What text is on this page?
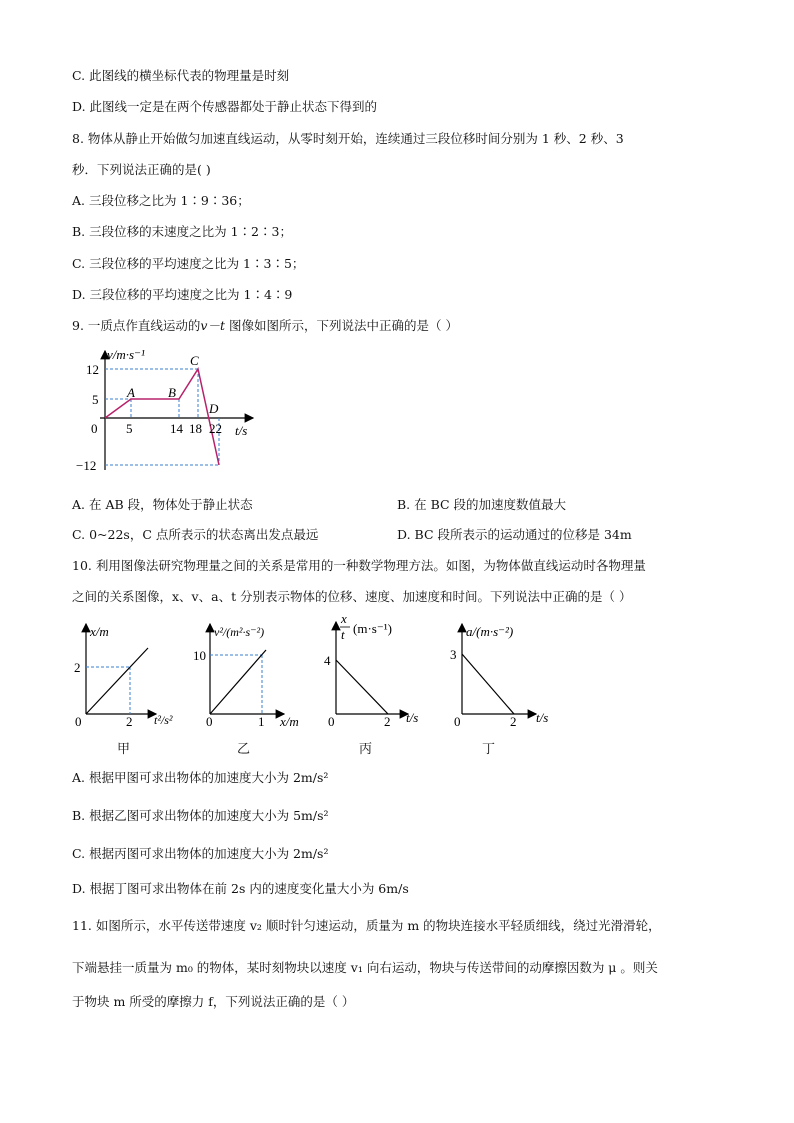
C. 此图线的横坐标代表的物理量是时刻
D. 此图线一定是在两个传感器都处于静止状态下得到的
8. 物体从静止开始做匀加速直线运动，从零时刻开始，连续通过三段位移时间分别为 1 秒、2 秒、3
秒．下列说法正确的是( )
A. 三段位移之比为 1∶9∶36；
B. 三段位移的末速度之比为 1∶2∶3；
C. 三段位移的平均速度之比为 1∶3∶5；
D. 三段位移的平均速度之比为 1∶4∶9
9. 一质点作直线运动的v－t 图像如图所示，下列说法中正确的是（ ）
v/m·s⁻¹
t/s
12
5
0
−12
5	14 18 22
A	B
C
D
A. 在 AB 段，物体处于静止状态	B. 在 BC 段的加速度数值最大
C. 0~22s，C 点所表示的状态离出发点最远	D. BC 段所表示的运动通过的位移是 34m
10. 利用图像法研究物理量之间的关系是常用的一种数学物理方法。如图，为物体做直线运动时各物理量
之间的关系图像，x、v、a、t 分别表示物体的位移、速度、加速度和时间。下列说法中正确的是（ ）
x/m
2
0	2 t²/s²
甲
v²/(m²·s⁻²)
10
0	1 x/m
乙
x
t (m·s⁻¹)
4
0	2 t/s
丙
a/(m·s⁻²)
3
0	2 t/s
丁
A. 根据甲图可求出物体的加速度大小为 2m/s²
B. 根据乙图可求出物体的加速度大小为 5m/s²
C. 根据丙图可求出物体的加速度大小为 2m/s²
D. 根据丁图可求出物体在前 2s 内的速度变化量大小为 6m/s
11. 如图所示，水平传送带速度 v₂ 顺时针匀速运动，质量为 m 的物块连接水平轻质细线，绕过光滑滑轮，
下端悬挂一质量为 m₀ 的物体，某时刻物块以速度 v₁ 向右运动，物块与传送带间的动摩擦因数为 μ 。则关
于物块 m 所受的摩擦力 f，下列说法正确的是（ ）
